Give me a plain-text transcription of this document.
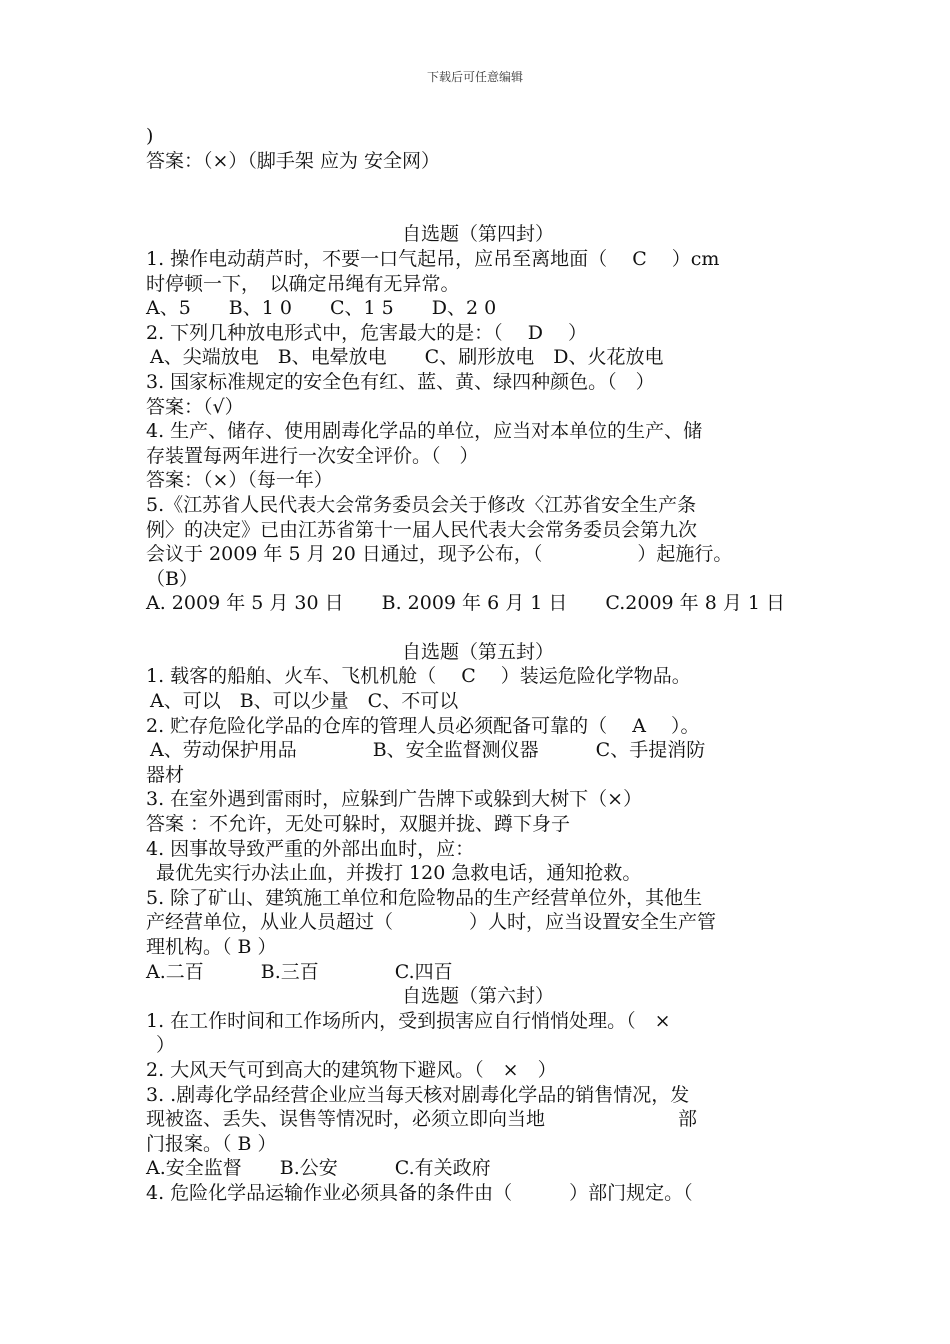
下载后可任意编辑
)
答案：（×）（脚手架 应为 安全网）
自选题（第四封）
1. 操作电动葫芦时，不要一口气起吊，应吊至离地面（　 C 　）cm
时停顿一下，　以确定吊绳有无异常。
A、5　　B、1 0　　C、1 5　　D、2 0
2. 下列几种放电形式中，危害最大的是：（　 D 　）
A、尖端放电　B、电晕放电　　C、刷形放电　D、火花放电
3. 国家标准规定的安全色有红、蓝、黄、绿四种颜色。（　）
答案：（√）
4. 生产、储存、使用剧毒化学品的单位，应当对本单位的生产、储
存装置每两年进行一次安全评价。（　）
答案：（×）（每一年）
5.《江苏省人民代表大会常务委员会关于修改〈江苏省安全生产条
例〉的决定》已由江苏省第十一届人民代表大会常务委员会第九次
会议于 2009 年 5 月 20 日通过，现予公布，（　　　　　）起施行。
（B）
A. 2009 年 5 月 30 日　　B. 2009 年 6 月 1 日　　C.2009 年 8 月 1 日
自选题（第五封）
1. 载客的船舶、火车、飞机机舱（　 C 　）装运危险化学物品。
A、可以　B、可以少量　C、不可以
2. 贮存危险化学品的仓库的管理人员必须配备可靠的（　 A 　）。
A、劳动保护用品　　　　B、安全监督测仪器　　　C、手提消防
器材
3. 在室外遇到雷雨时，应躲到广告牌下或躲到大树下（×）
答案 ：不允许，无处可躲时，双腿并拢、蹲下身子
4. 因事故导致严重的外部出血时，应：
最优先实行办法止血，并拨打 120 急救电话，通知抢救。
5. 除了矿山、建筑施工单位和危险物品的生产经营单位外，其他生
产经营单位，从业人员超过（　　　　）人时，应当设置安全生产管
理机构。（ B ）
A.二百　　　B.三百　　　　C.四百
自选题（第六封）
1. 在工作时间和工作场所内，受到损害应自行悄悄处理。（　×
）
2. 大风天气可到高大的建筑物下避风。（　×　）
3. .剧毒化学品经营企业应当每天核对剧毒化学品的销售情况，发
现被盗、丢失、误售等情况时，必须立即向当地　　　　　　　部
门报案。（ B ）
A.安全监督　　B.公安　　　C.有关政府
4. 危险化学品运输作业必须具备的条件由（　　　）部门规定。（
